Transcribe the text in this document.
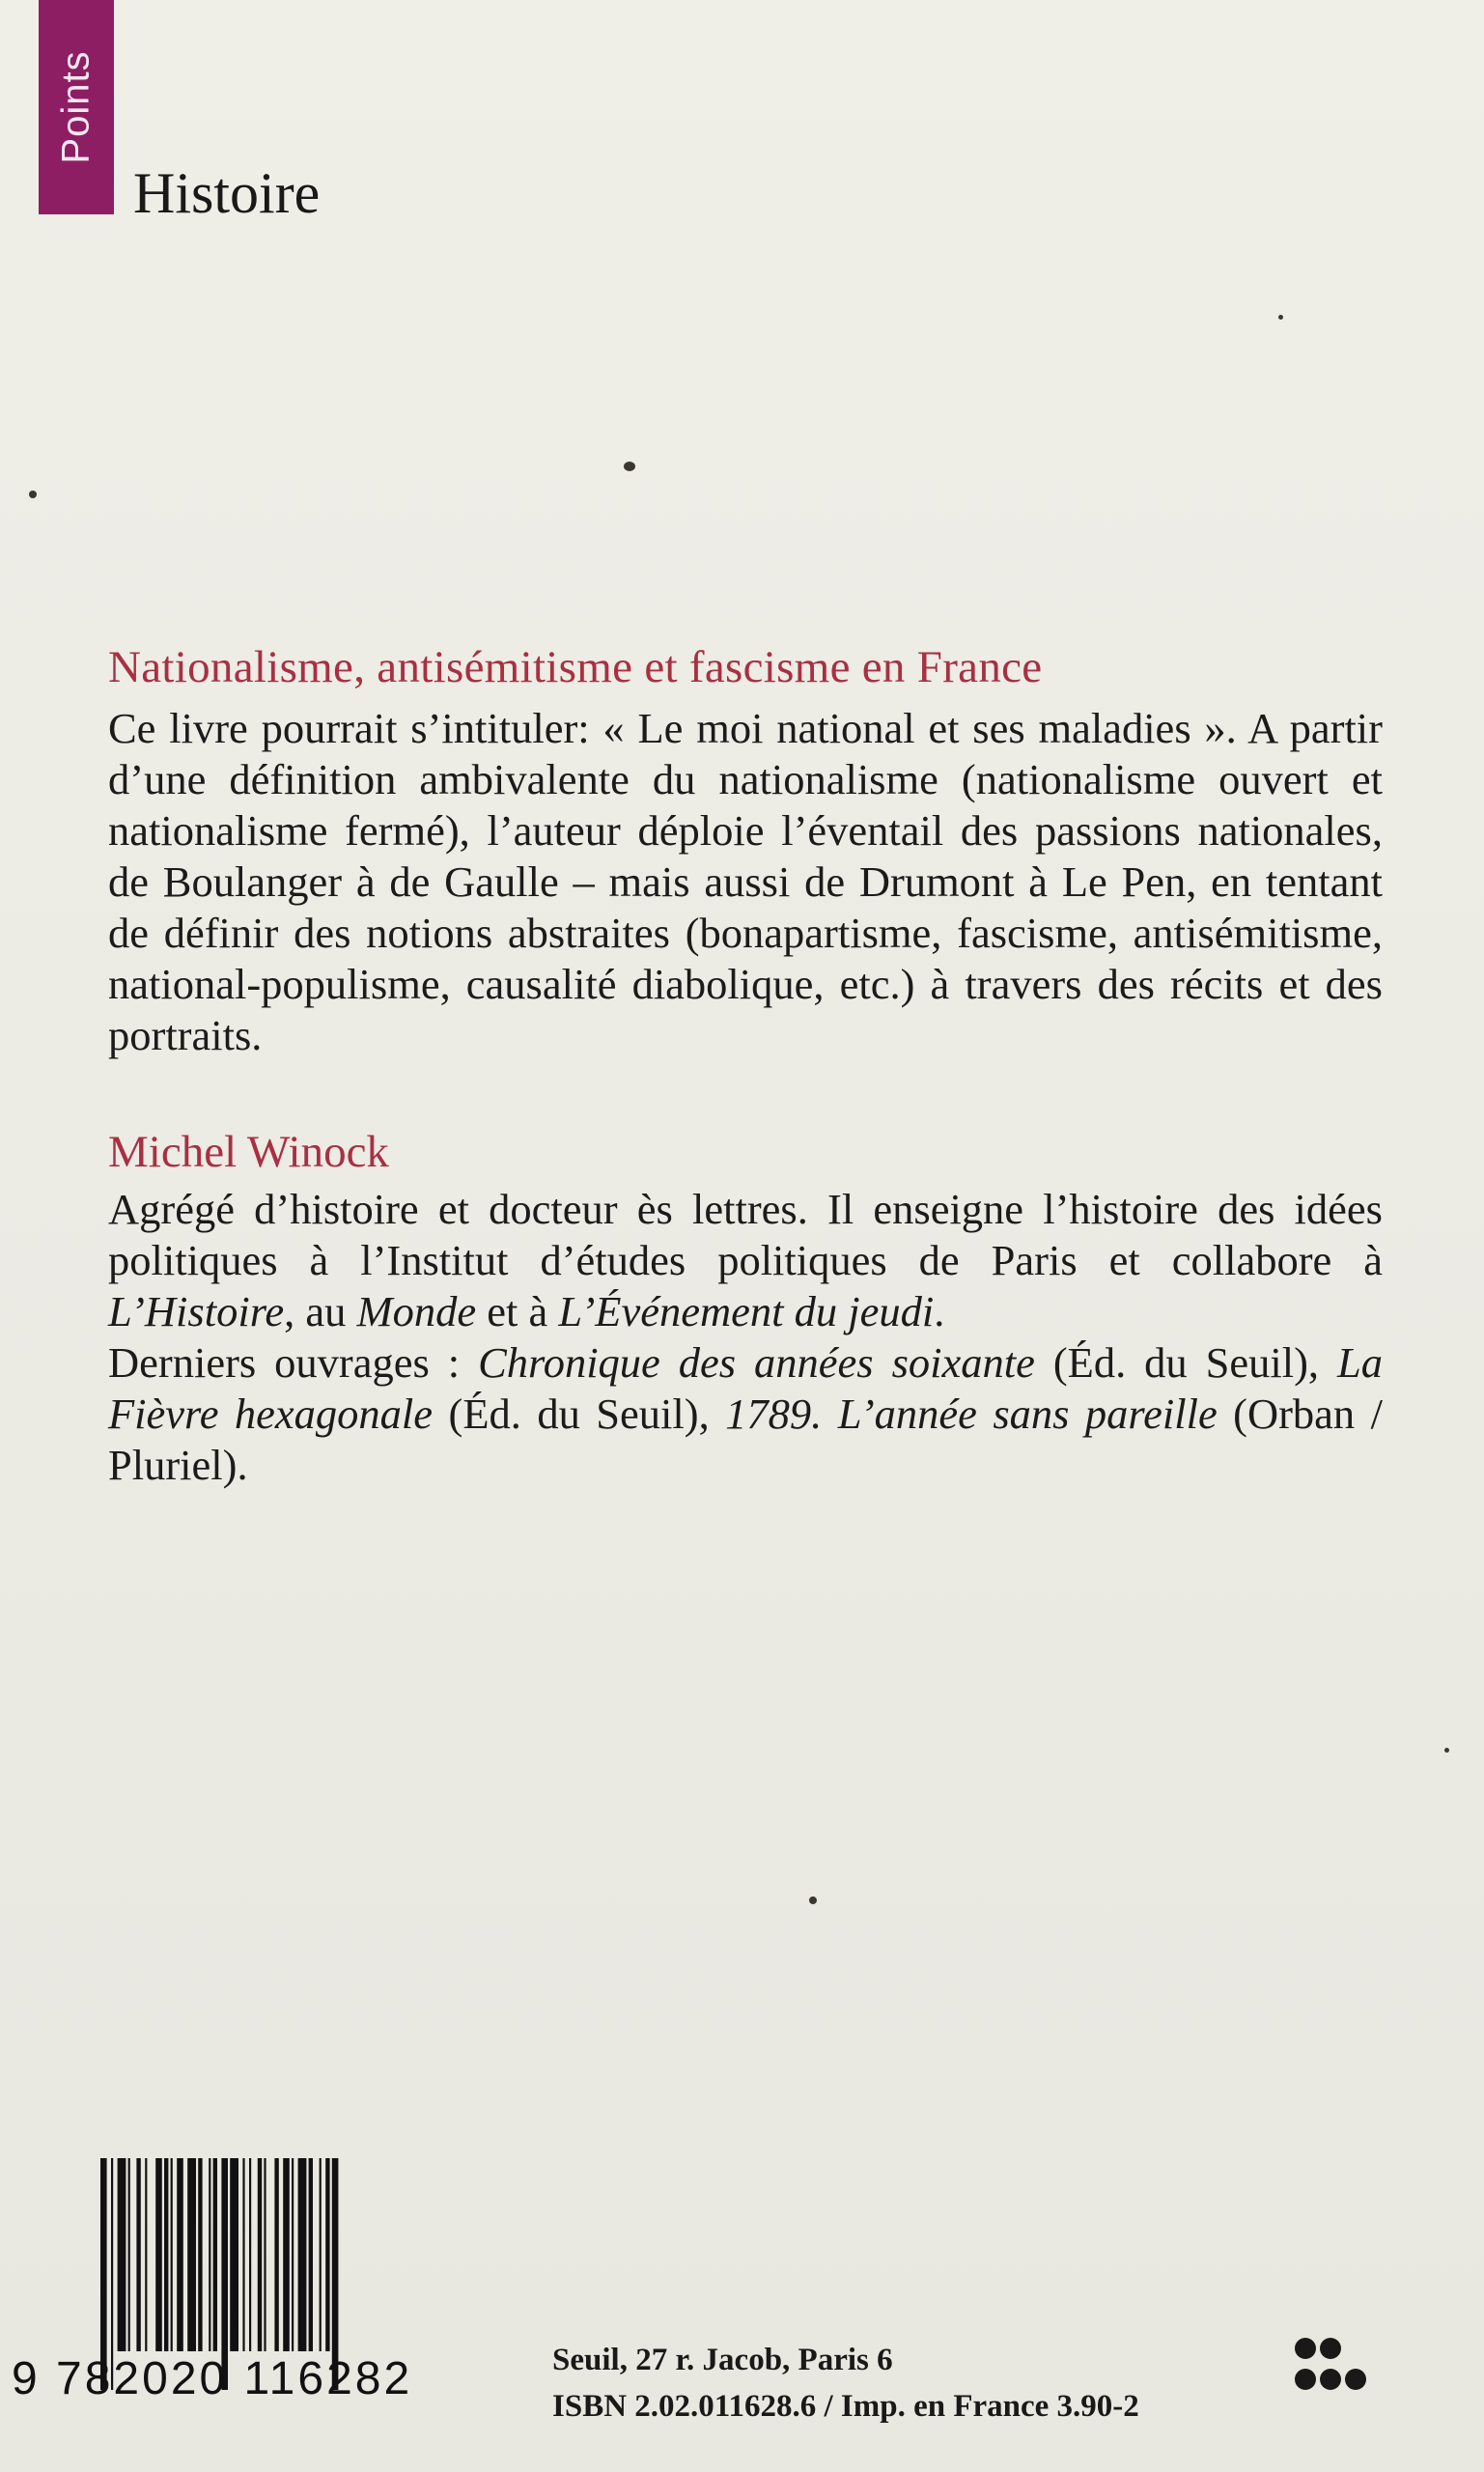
Points
Histoire
Nationalisme, antisémitisme et fascisme en France

Ce livre pourrait s’intituler: « Le moi national et ses maladies ». A partir d’une définition ambivalente du nationalisme (nationalisme ouvert et nationalisme fermé), l’auteur déploie l’éventail des passions nationales, de Boulanger à de Gaulle – mais aussi de Drumont à Le Pen, en tentant de définir des notions abstraites (bonapartisme, fascisme, antisémitisme, national-populisme, causalité diabolique, etc.) à travers des récits et des portraits.

Michel Winock

Agrégé d’histoire et docteur ès lettres. Il enseigne l’histoire des idées politiques à l’Institut d’études politiques de Paris et collabore à L’Histoire, au Monde et à L’Événement du jeudi.

Derniers ouvrages : Chronique des années soixante (Éd. du Seuil), La Fièvre hexagonale (Éd. du Seuil), 1789. L’année sans pareille (Orban / Pluriel).

9 782020 116282	Seuil, 27 r. Jacob, Paris 6
ISBN 2.02.011628.6 / Imp. en France 3.90-2
